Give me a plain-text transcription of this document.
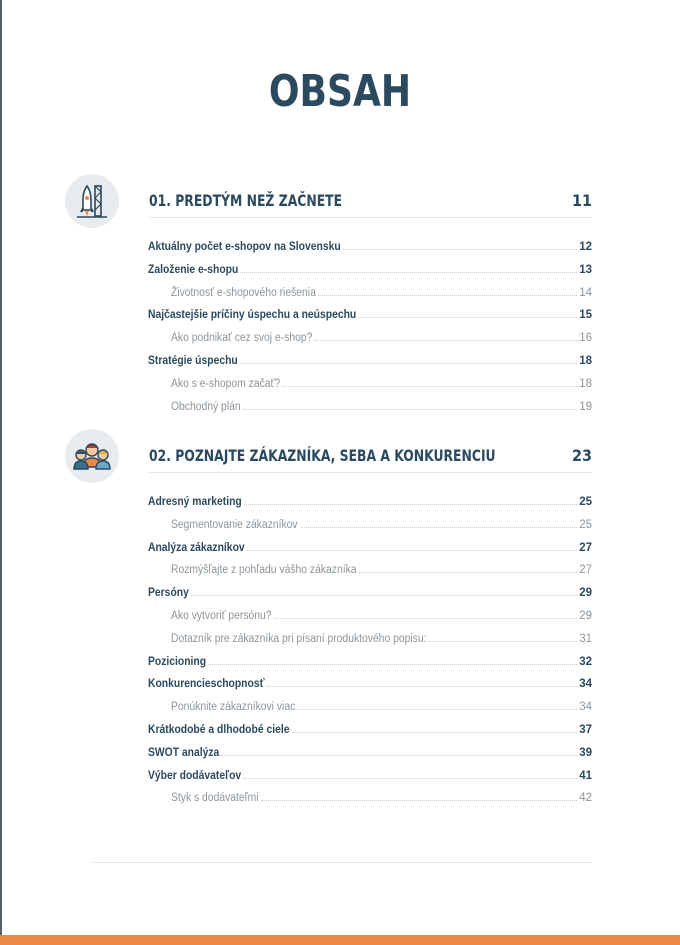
OBSAH
01. PREDTÝM NEŽ ZAČNETE	11
Aktuálny počet e-shopov na Slovensku	12
Založenie e-shopu	13
Životnosť e-shopového riešenia	14
Najčastejšie príčiny úspechu a neúspechu	15
Ako podnikať cez svoj e-shop?	16
Stratégie úspechu	18
Ako s e-shopom začať?	18
Obchodný plán	19
02. POZNAJTE ZÁKAZNÍKA, SEBA A KONKURENCIU	23
Adresný marketing	25
Segmentovanie zákazníkov	25
Analýza zákazníkov	27
Rozmýšľajte z pohľadu vášho zákazníka	27
Persóny	29
Ako vytvoriť persónu?	29
Dotazník pre zákazníka pri písaní produktového popisu:	31
Pozicioning	32
Konkurencieschopnosť	34
Ponúknite zákazníkovi viac	34
Krátkodobé a dlhodobé ciele	37
SWOT analýza	39
Výber dodávateľov	41
Styk s dodávateľmi	42
